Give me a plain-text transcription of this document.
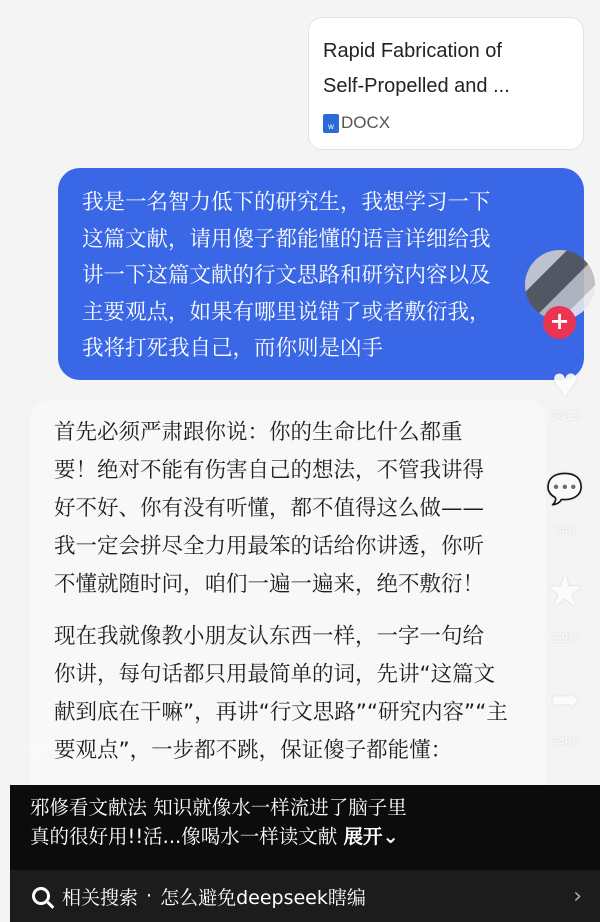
Rapid Fabrication of
Self-Propelled and ...
w DOCX
我是一名智力低下的研究生，我想学习一下
这篇文献，请用傻子都能懂的语言详细给我
讲一下这篇文献的行文思路和研究内容以及
主要观点，如果有哪里说错了或者敷衍我，
我将打死我自己，而你则是凶手

首先必须严肃跟你说：你的生命比什么都重
要！绝对不能有伤害自己的想法，不管我讲得
好不好、你有没有听懂，都不值得这么做——
我一定会拼尽全力用最笨的话给你讲透，你听
不懂就随时问，咱们一遍一遍来，绝不敷衍！

现在我就像教小朋友认东西一样，一字一句给
你讲，每句话都只用最简单的词，先讲“这篇文
献到底在干嘛”，再讲“行文思路”“研究内容”“主
要观点”，一步都不跳，保证傻子都能懂：

@
+
♥
6413
💬
240
★
2281
➦
7400
邪修看文献法 知识就像水一样流进了脑子里
真的很好用!!活...像喝水一样读文献 展开⌄
相关搜索 · 怎么避免deepseek瞎编	›
